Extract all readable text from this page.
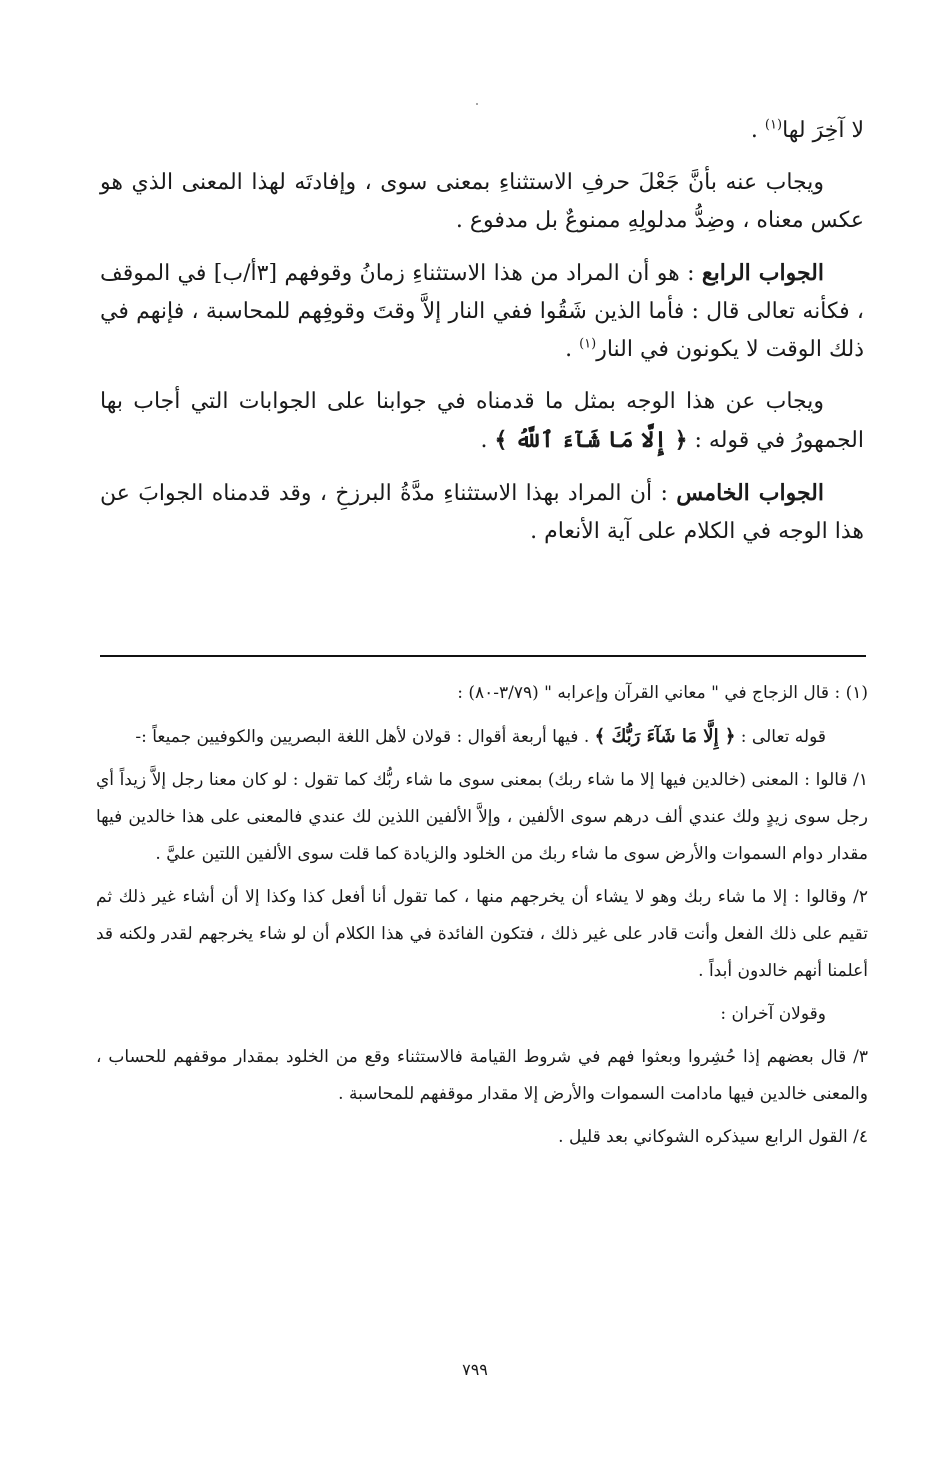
لا آخِرَ لها$^{(١)}$ .

ويجاب عنه بأنَّ جَعْلَ حرفِ الاستثناءِ بمعنى سوى ، وإفادتَه لهذا المعنى الذي هو عكس معناه ، وضِدُّ مدلولِهِ ممنوعٌ بل مدفوع .

الجواب الرابع : هو أن المراد من هذا الاستثناءِ زمانُ وقوفهم [٣أ/ب] في الموقف ، فكأنه تعالى قال : فأما الذين شَقُوا ففي النار إلاَّ وقتَ وقوفِهم للمحاسبة ، فإنهم في ذلك الوقت لا يكونون في النار$^{(١)}$ .

ويجاب عن هذا الوجه بمثل ما قدمناه في جوابنا على الجوابات التي أجاب بها الجمهورُ في قوله : ﴿ إِلَّا مَا شَآءَ ٱللَّهُ ﴾ .

الجواب الخامس : أن المراد بهذا الاستثناءِ مدَّةُ البرزخِ ، وقد قدمناه الجوابَ عن هذا الوجه في الكلام على آية الأنعام .

(١) : قال الزجاج في " معاني القرآن وإعرابه " (٣/٧٩-٨٠) :

قوله تعالى : ﴿ إِلَّا مَا شَآءَ رَبُّكَ ﴾ . فيها أربعة أقوال : قولان لأهل اللغة البصريين والكوفيين جميعاً :-

١/ قالوا : المعنى (خالدين فيها إلا ما شاء ربك) بمعنى سوى ما شاء ربُّك كما تقول : لو كان معنا رجل إلاَّ زيداً أي رجل سوى زيدٍ ولك عندي ألف درهم سوى الألفين ، وإلاَّ الألفين اللذين لك عندي فالمعنى على هذا خالدين فيها مقدار دوام السموات والأرض سوى ما شاء ربك من الخلود والزيادة كما قلت سوى الألفين اللتين عليَّ .

٢/ وقالوا : إلا ما شاء ربك وهو لا يشاء أن يخرجهم منها ، كما تقول أنا أفعل كذا وكذا إلا أن أشاء غير ذلك ثم تقيم على ذلك الفعل وأنت قادر على غير ذلك ، فتكون الفائدة في هذا الكلام أن لو شاء يخرجهم لقدر ولكنه قد أعلمنا أنهم خالدون أبداً .

وقولان آخران :

٣/ قال بعضهم إذا حُشِروا وبعثوا فهم في شروط القيامة فالاستثناء وقع من الخلود بمقدار موقفهم للحساب ، والمعنى خالدين فيها مادامت السموات والأرض إلا مقدار موقفهم للمحاسبة .

٤/ القول الرابع سيذكره الشوكاني بعد قليل .

٧٩٩
